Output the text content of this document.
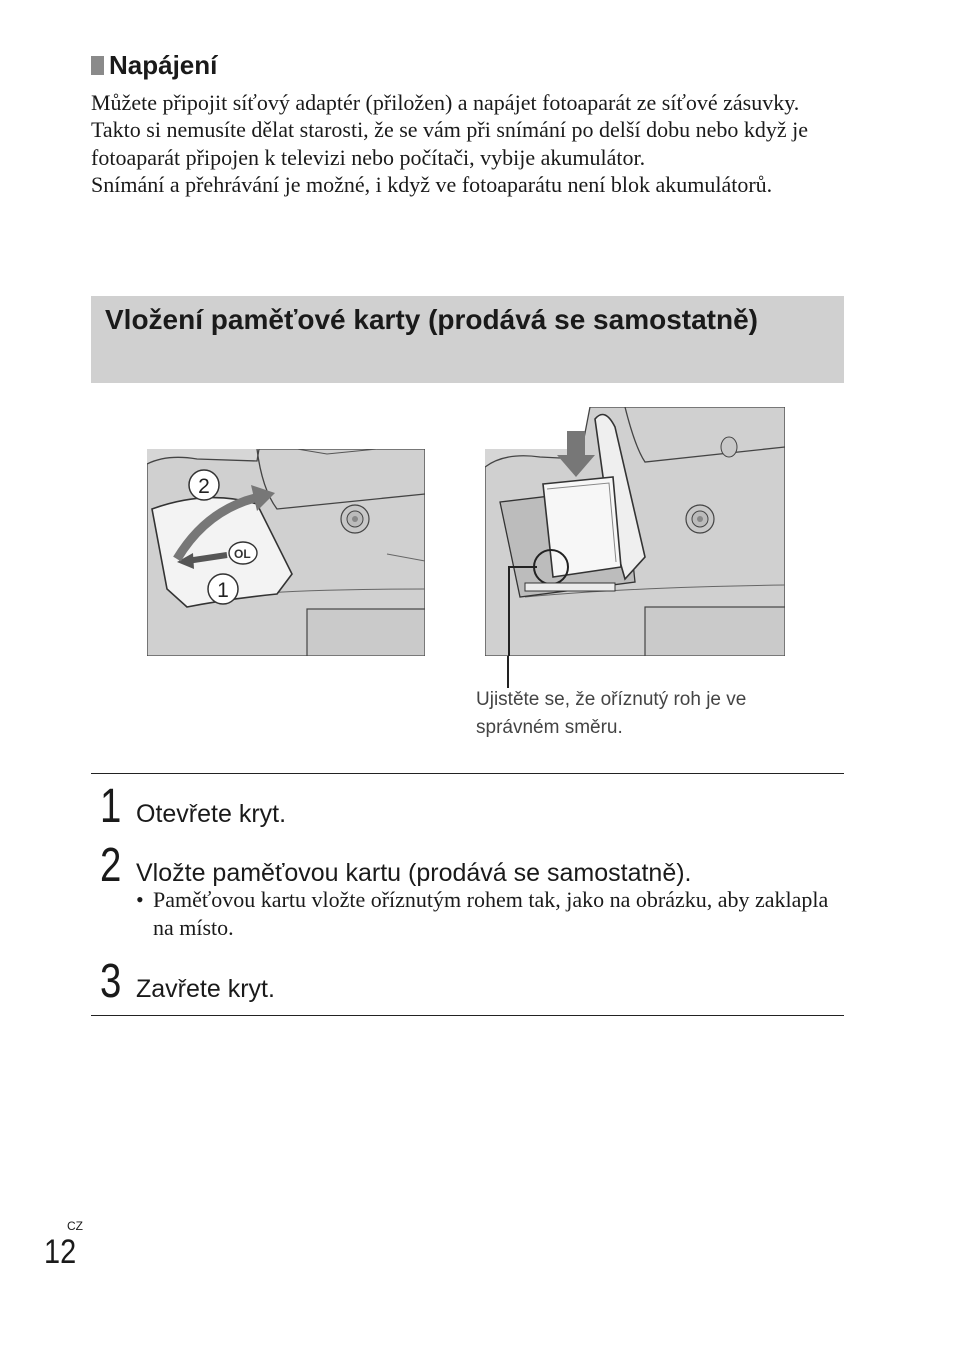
Napájení

Můžete připojit síťový adaptér (přiložen) a napájet fotoaparát ze síťové zásuvky. Takto si nemusíte dělat starosti, že se vám při snímání po delší dobu nebo když je fotoaparát připojen k televizi nebo počítači, vybije akumulátor.

Snímání a přehrávání je možné, i když ve fotoaparátu není blok akumulátorů.

Vložení paměťové karty (prodává se samostatně)
OL
2
1
Ujistěte se, že oříznutý roh je ve správném směru.
1 Otevřete kryt.
2 Vložte paměťovou kartu (prodává se samostatně).
• Paměťovou kartu vložte oříznutým rohem tak, jako na obrázku, aby zaklapla na místo.
3 Zavřete kryt.
CZ
12
